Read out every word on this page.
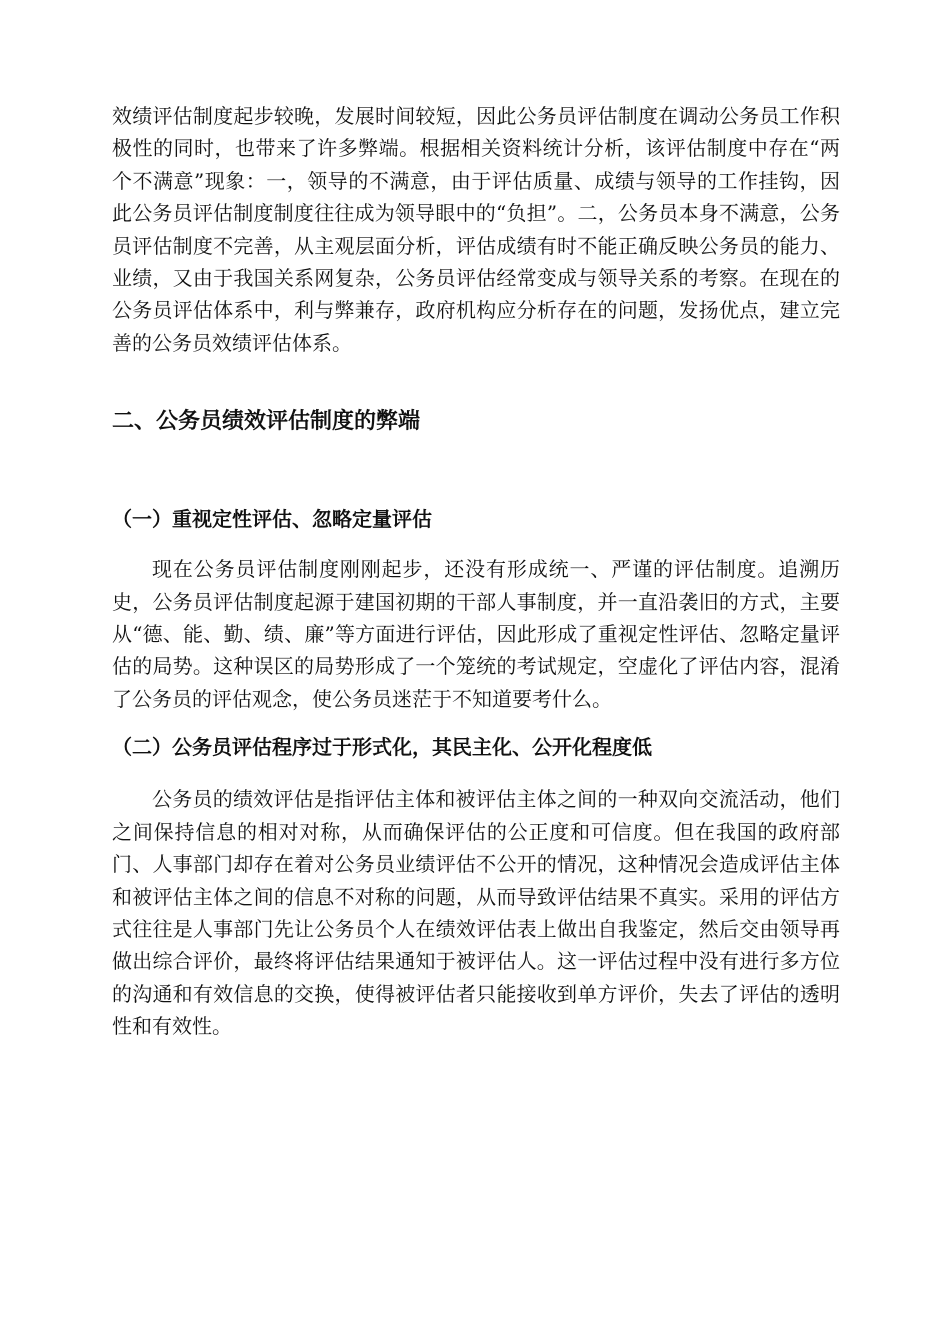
效绩评估制度起步较晚，发展时间较短，因此公务员评估制度在调动公务员工作积极性的同时，也带来了许多弊端。根据相关资料统计分析，该评估制度中存在“两个不满意”现象：一，领导的不满意，由于评估质量、成绩与领导的工作挂钩，因此公务员评估制度制度往往成为领导眼中的“负担”。二，公务员本身不满意，公务员评估制度不完善，从主观层面分析，评估成绩有时不能正确反映公务员的能力、业绩，又由于我国关系网复杂，公务员评估经常变成与领导关系的考察。在现在的公务员评估体系中，利与弊兼存，政府机构应分析存在的问题，发扬优点，建立完善的公务员效绩评估体系。

二、公务员绩效评估制度的弊端
（一）重视定性评估、忽略定量评估

现在公务员评估制度刚刚起步，还没有形成统一、严谨的评估制度。追溯历史，公务员评估制度起源于建国初期的干部人事制度，并一直沿袭旧的方式，主要从“德、能、勤、绩、廉”等方面进行评估，因此形成了重视定性评估、忽略定量评估的局势。这种误区的局势形成了一个笼统的考试规定，空虚化了评估内容，混淆了公务员的评估观念，使公务员迷茫于不知道要考什么。

（二）公务员评估程序过于形式化，其民主化、公开化程度低

公务员的绩效评估是指评估主体和被评估主体之间的一种双向交流活动，他们之间保持信息的相对对称，从而确保评估的公正度和可信度。但在我国的政府部门、人事部门却存在着对公务员业绩评估不公开的情况，这种情况会造成评估主体和被评估主体之间的信息不对称的问题，从而导致评估结果不真实。采用的评估方式往往是人事部门先让公务员个人在绩效评估表上做出自我鉴定，然后交由领导再做出综合评价，最终将评估结果通知于被评估人。这一评估过程中没有进行多方位的沟通和有效信息的交换，使得被评估者只能接收到单方评价，失去了评估的透明性和有效性。
